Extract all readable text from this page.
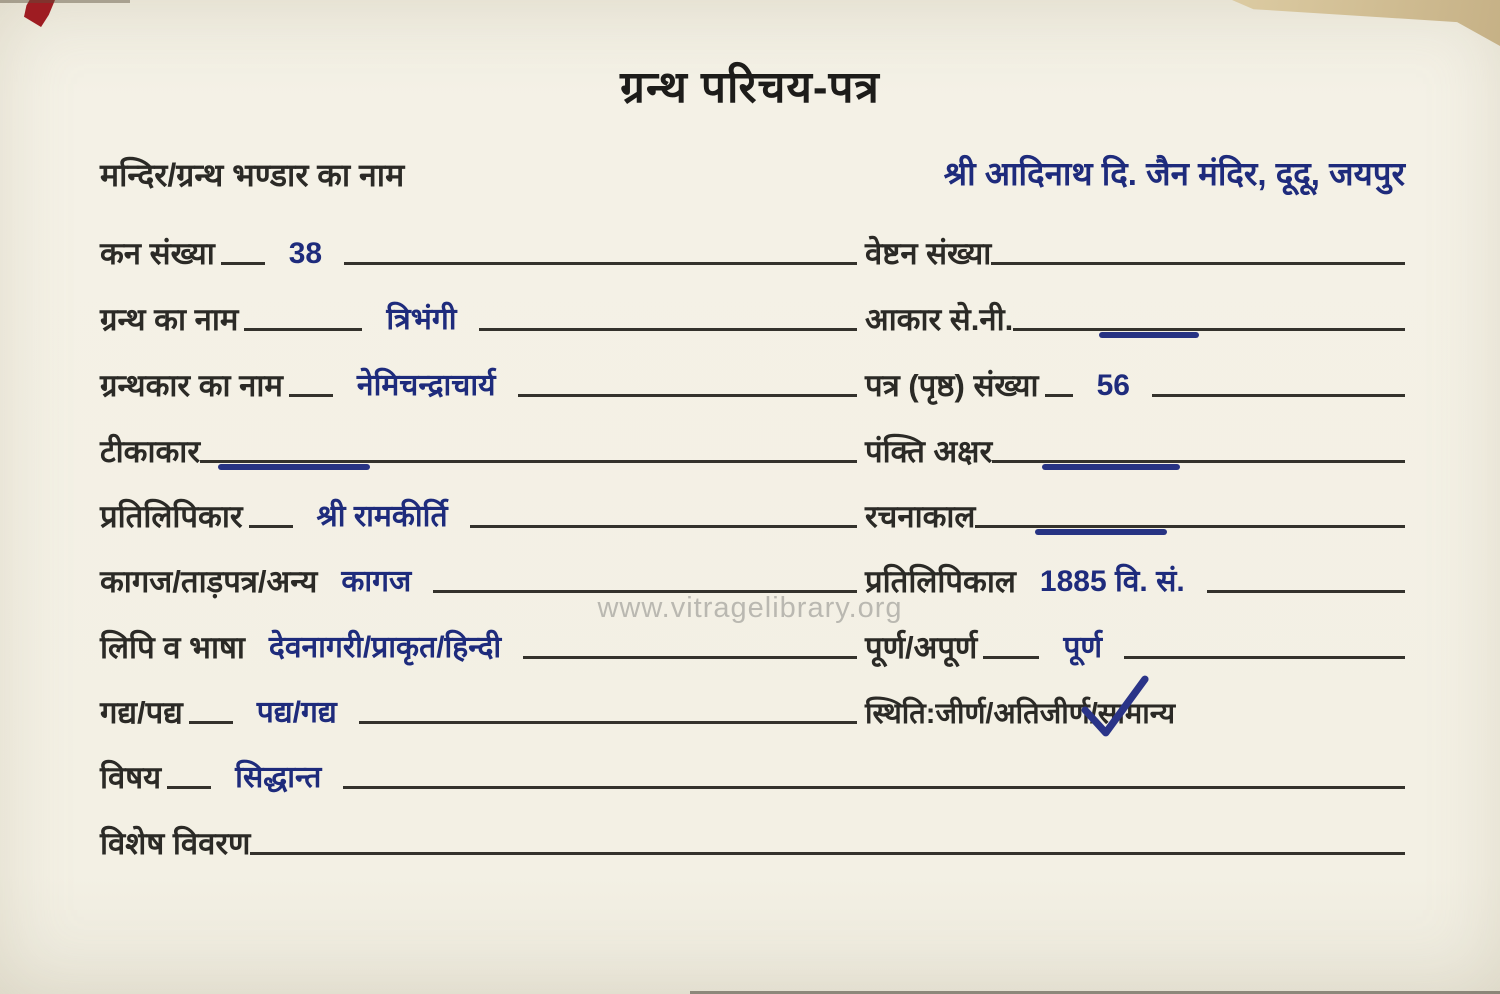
ग्रन्थ परिचय-पत्र
मन्दिर/ग्रन्थ भण्डार का नाम	श्री आदिनाथ दि. जैन मंदिर, दूदू, जयपुर
कन संख्या 38	वेष्टन संख्या
ग्रन्थ का नाम	त्रिभंगी	आकार से.नी.
ग्रन्थकार का नाम नेमिचन्द्राचार्य	पत्र (पृष्ठ) संख्या 56
टीकाकार	पंक्ति अक्षर
प्रतिलिपिकार श्री रामकीर्ति	रचनाकाल
कागज/ताड़पत्र/अन्य कागज	प्रतिलिपिकाल 1885 वि. सं.
लिपि व भाषा देवनागरी/प्राकृत/हिन्दी	पूर्ण/अपूर्ण	पूर्ण
गद्य/पद्य पद्य/गद्य	स्थिति:जीर्ण/अतिजीर्ण/ सामान्य
विषय सिद्धान्त
विशेष विवरण
www.vitragelibrary.org
